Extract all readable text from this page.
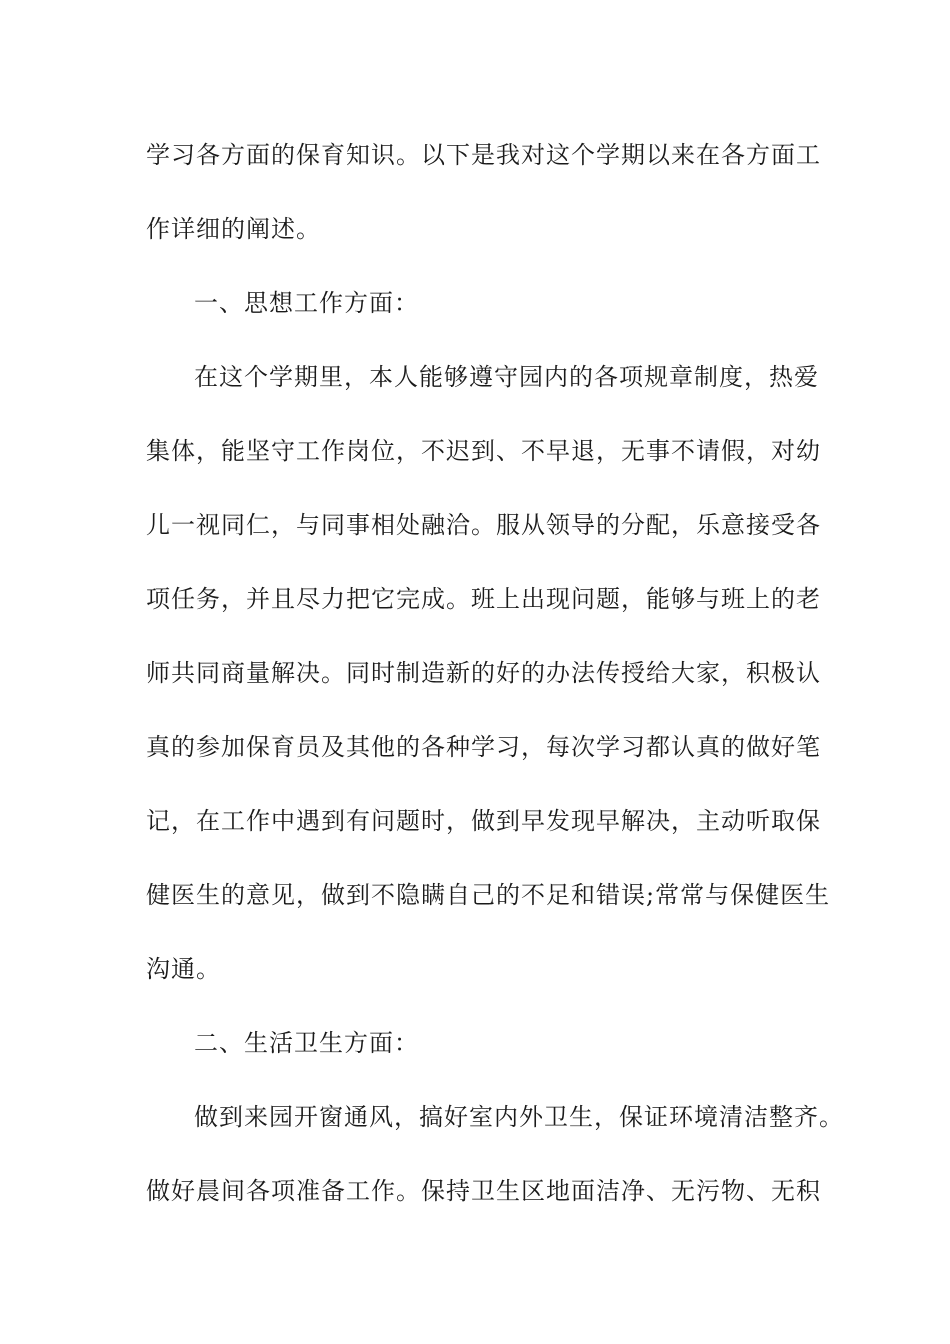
学习各方面的保育知识。以下是我对这个学期以来在各方面工
作详细的阐述。
一、思想工作方面：
在这个学期里，本人能够遵守园内的各项规章制度，热爱
集体，能坚守工作岗位，不迟到、不早退，无事不请假，对幼
儿一视同仁，与同事相处融洽。服从领导的分配，乐意接受各
项任务，并且尽力把它完成。班上出现问题，能够与班上的老
师共同商量解决。同时制造新的好的办法传授给大家，积极认
真的参加保育员及其他的各种学习，每次学习都认真的做好笔
记，在工作中遇到有问题时，做到早发现早解决，主动听取保
健医生的意见，做到不隐瞒自己的不足和错误;常常与保健医生
沟通。
二、生活卫生方面：
做到来园开窗通风，搞好室内外卫生，保证环境清洁整齐。
做好晨间各项准备工作。保持卫生区地面洁净、无污物、无积
